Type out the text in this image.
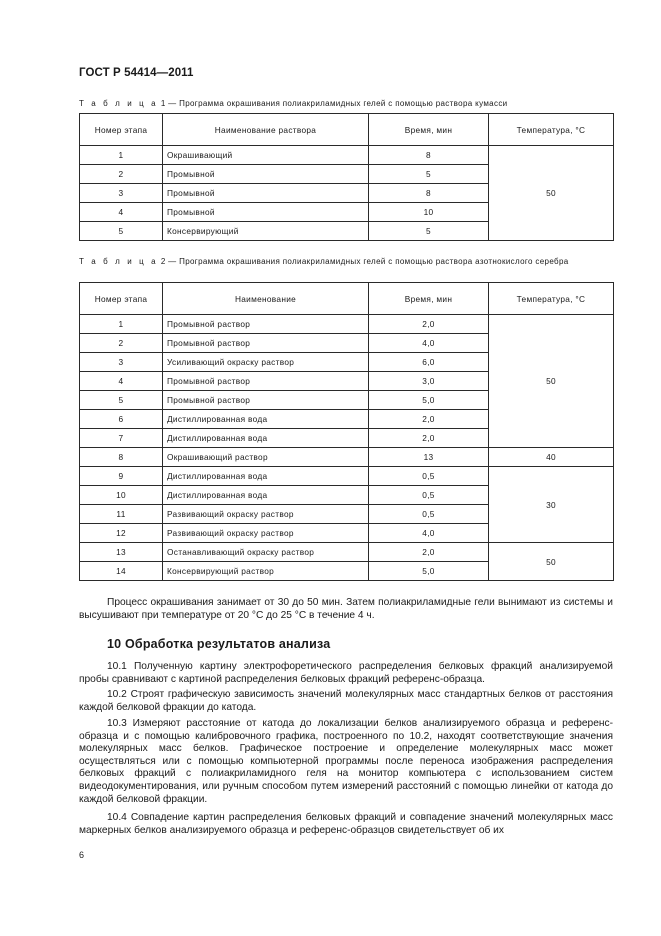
ГОСТ Р 54414—2011
Т а б л и ц а 1 — Программа окрашивания полиакриламидных гелей с помощью раствора кумасси
Номер этапа	Наименование раствора	Время, мин	Температура, °С
1	Окрашивающий	8	50
2	Промывной	5	
3	Промывной	8	
4	Промывной	10	
5	Консервирующий	5	
Т а б л и ц а 2 — Программа окрашивания полиакриламидных гелей с помощью раствора азотнокислого серебра
Номер этапа	Наименование	Время, мин	Температура, °С
1	Промывной раствор	2,0	50
2	Промывной раствор	4,0	
3	Усиливающий окраску раствор	6,0	
4	Промывной раствор	3,0	
5	Промывной раствор	5,0	
6	Дистиллированная вода	2,0	
7	Дистиллированная вода	2,0	
8	Окрашивающий раствор	13	40
9	Дистиллированная вода	0,5	30
10	Дистиллированная вода	0,5	
11	Развивающий окраску раствор	0,5	
12	Развивающий окраску раствор	4,0	
13	Останавливающий окраску раствор	2,0	50
14	Консервирующий раствор	5,0	
Процесс окрашивания занимает от 30 до 50 мин. Затем полиакриламидные гели вынимают из системы и высушивают при температуре от 20 °С до 25 °С в течение 4 ч.
10 Обработка результатов анализа
10.1 Полученную картину электрофоретического распределения белковых фракций анализируемой пробы сравнивают с картиной распределения белковых фракций референс-образца.
10.2 Строят графическую зависимость значений молекулярных масс стандартных белков от расстояния каждой белковой фракции до катода.
10.3 Измеряют расстояние от катода до локализации белков анализируемого образца и референс-образца и с помощью калибровочного графика, построенного по 10.2, находят соответствующие значения молекулярных масс белков. Графическое построение и определение молекулярных масс может осуществляться или с помощью компьютерной программы после переноса изображения распределения белковых фракций с полиакриламидного геля на монитор компьютера с использованием систем видеодокументирования, или ручным способом путем измерений расстояний с помощью линейки от катода до каждой белковой фракции.
10.4 Совпадение картин распределения белковых фракций и совпадение значений молекулярных масс маркерных белков анализируемого образца и референс-образцов свидетельствует об их
6
